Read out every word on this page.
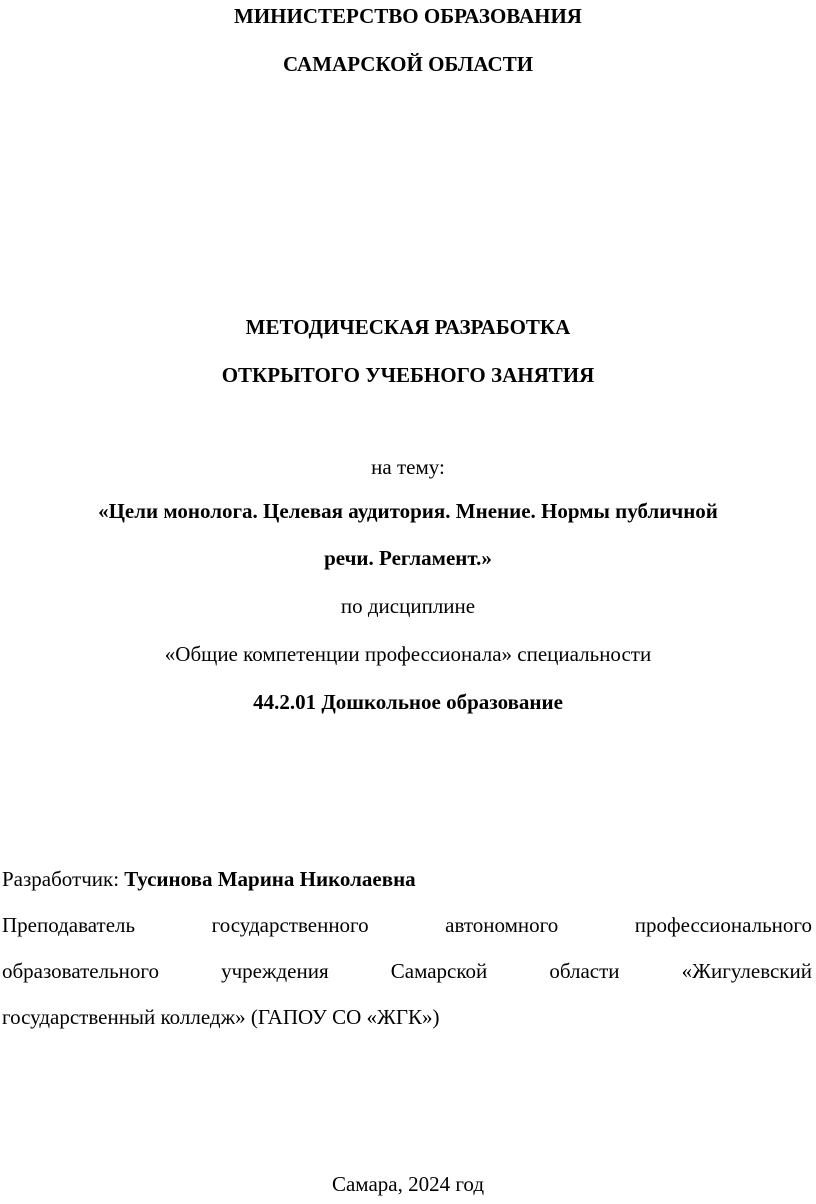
МИНИСТЕРСТВО ОБРАЗОВАНИЯ

САМАРСКОЙ ОБЛАСТИ

МЕТОДИЧЕСКАЯ РАЗРАБОТКА

ОТКРЫТОГО УЧЕБНОГО ЗАНЯТИЯ

на тему:

«Цели монолога. Целевая аудитория. Мнение. Нормы публичной

речи. Регламент.»

по дисциплине

«Общие компетенции профессионала» специальности

44.2.01 Дошкольное образование

Разработчик: Тусинова Марина Николаевна

Преподаватель государственного автономного профессионального

образовательного учреждения Самарской области «Жигулевский

государственный колледж» (ГАПОУ СО «ЖГК»)

Самара, 2024 год
